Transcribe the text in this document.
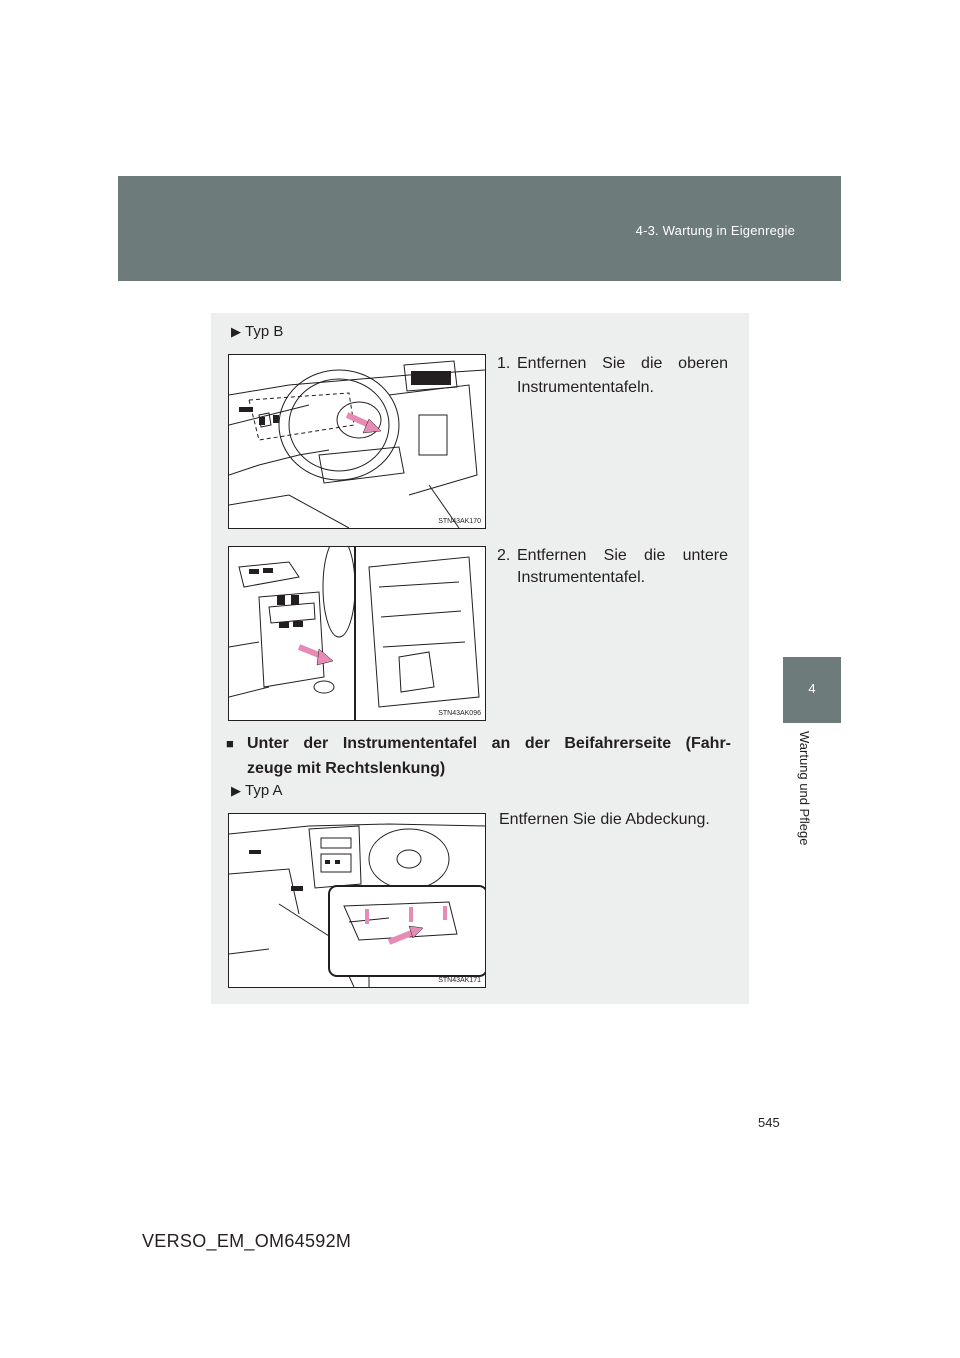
4-3. Wartung in Eigenregie
4
Wartung und Pflege
▶ Typ B
STN43AK170
1. Entfernen Sie die oberen
Instrumententafeln.
STN43AK096
2. Entfernen Sie die untere
Instrumententafel.
■ Unter der Instrumententafel an der Beifahrerseite (Fahr-
zeuge mit Rechtslenkung)
▶ Typ A
STN43AK171
Entfernen Sie die Abdeckung.
545
VERSO_EM_OM64592M
